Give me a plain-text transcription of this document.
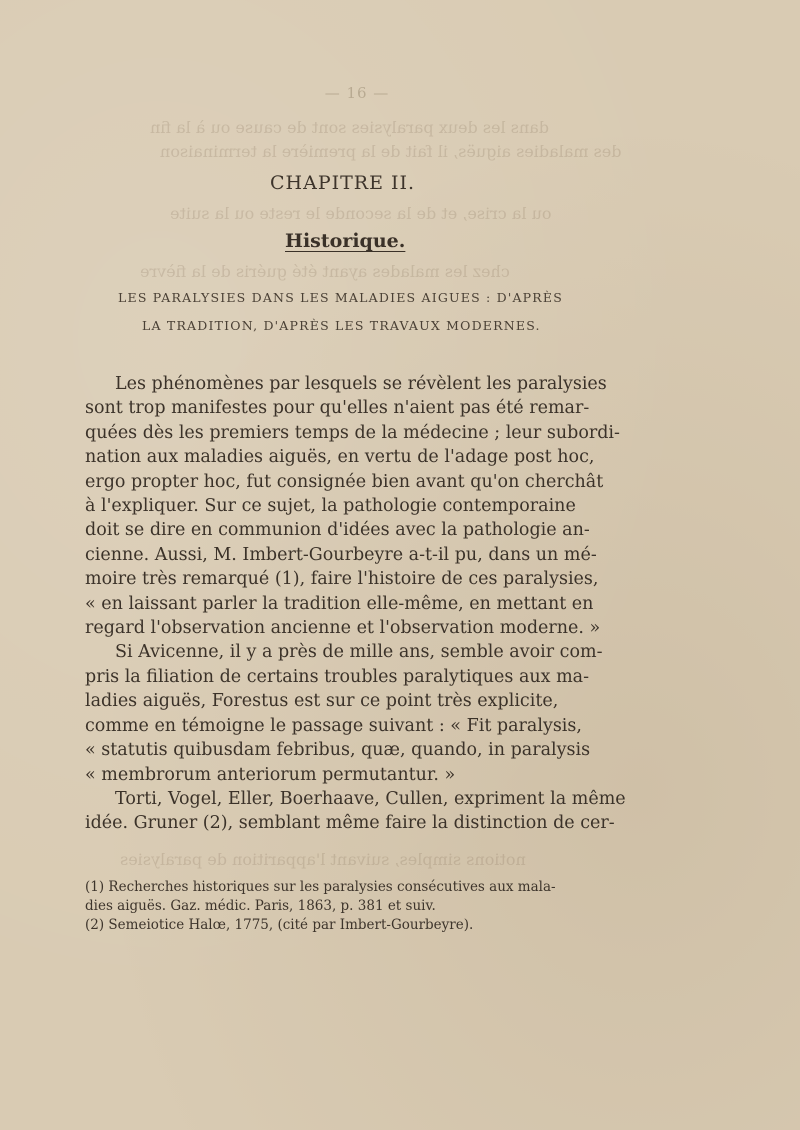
dans les deux paralysies sont de cause ou à la fin
des maladies aiguës, il fait de la première la terminaison
ou la crise, et de la seconde le reste ou la suite
chez les malades ayant été guéris de la fièvre
notions simples, suivant l'apparition de paralysies
— 16 —
CHAPITRE II.
Historique.
LES PARALYSIES DANS LES MALADIES AIGUES : D'APRÈS
LA TRADITION, D'APRÈS LES TRAVAUX MODERNES.

Les phénomènes par lesquels se révèlent les paralysies

sont trop manifestes pour qu'elles n'aient pas été remar-
quées dès les premiers temps de la médecine ; leur subordi-
nation aux maladies aiguës, en vertu de l'adage post hoc,
ergo propter hoc, fut consignée bien avant qu'on cherchât
à l'expliquer. Sur ce sujet, la pathologie contemporaine
doit se dire en communion d'idées avec la pathologie an-
cienne. Aussi, M. Imbert-Gourbeyre a-t-il pu, dans un mé-
moire très remarqué (1), faire l'histoire de ces paralysies,
« en laissant parler la tradition elle-même, en mettant en
regard l'observation ancienne et l'observation moderne. »

Si Avicenne, il y a près de mille ans, semble avoir com-

pris la filiation de certains troubles paralytiques aux ma-
ladies aiguës, Forestus est sur ce point très explicite,
comme en témoigne le passage suivant : « Fit paralysis,
« statutis quibusdam febribus, quæ, quando, in paralysis
« membrorum anteriorum permutantur. »

Torti, Vogel, Eller, Boerhaave, Cullen, expriment la même

idée. Gruner (2), semblant même faire la distinction de cer-
(1) Recherches historiques sur les paralysies consécutives aux mala-
dies aiguës. Gaz. médic. Paris, 1863, p. 381 et suiv.
(2) Semeiotice Halœ, 1775, (cité par Imbert-Gourbeyre).
